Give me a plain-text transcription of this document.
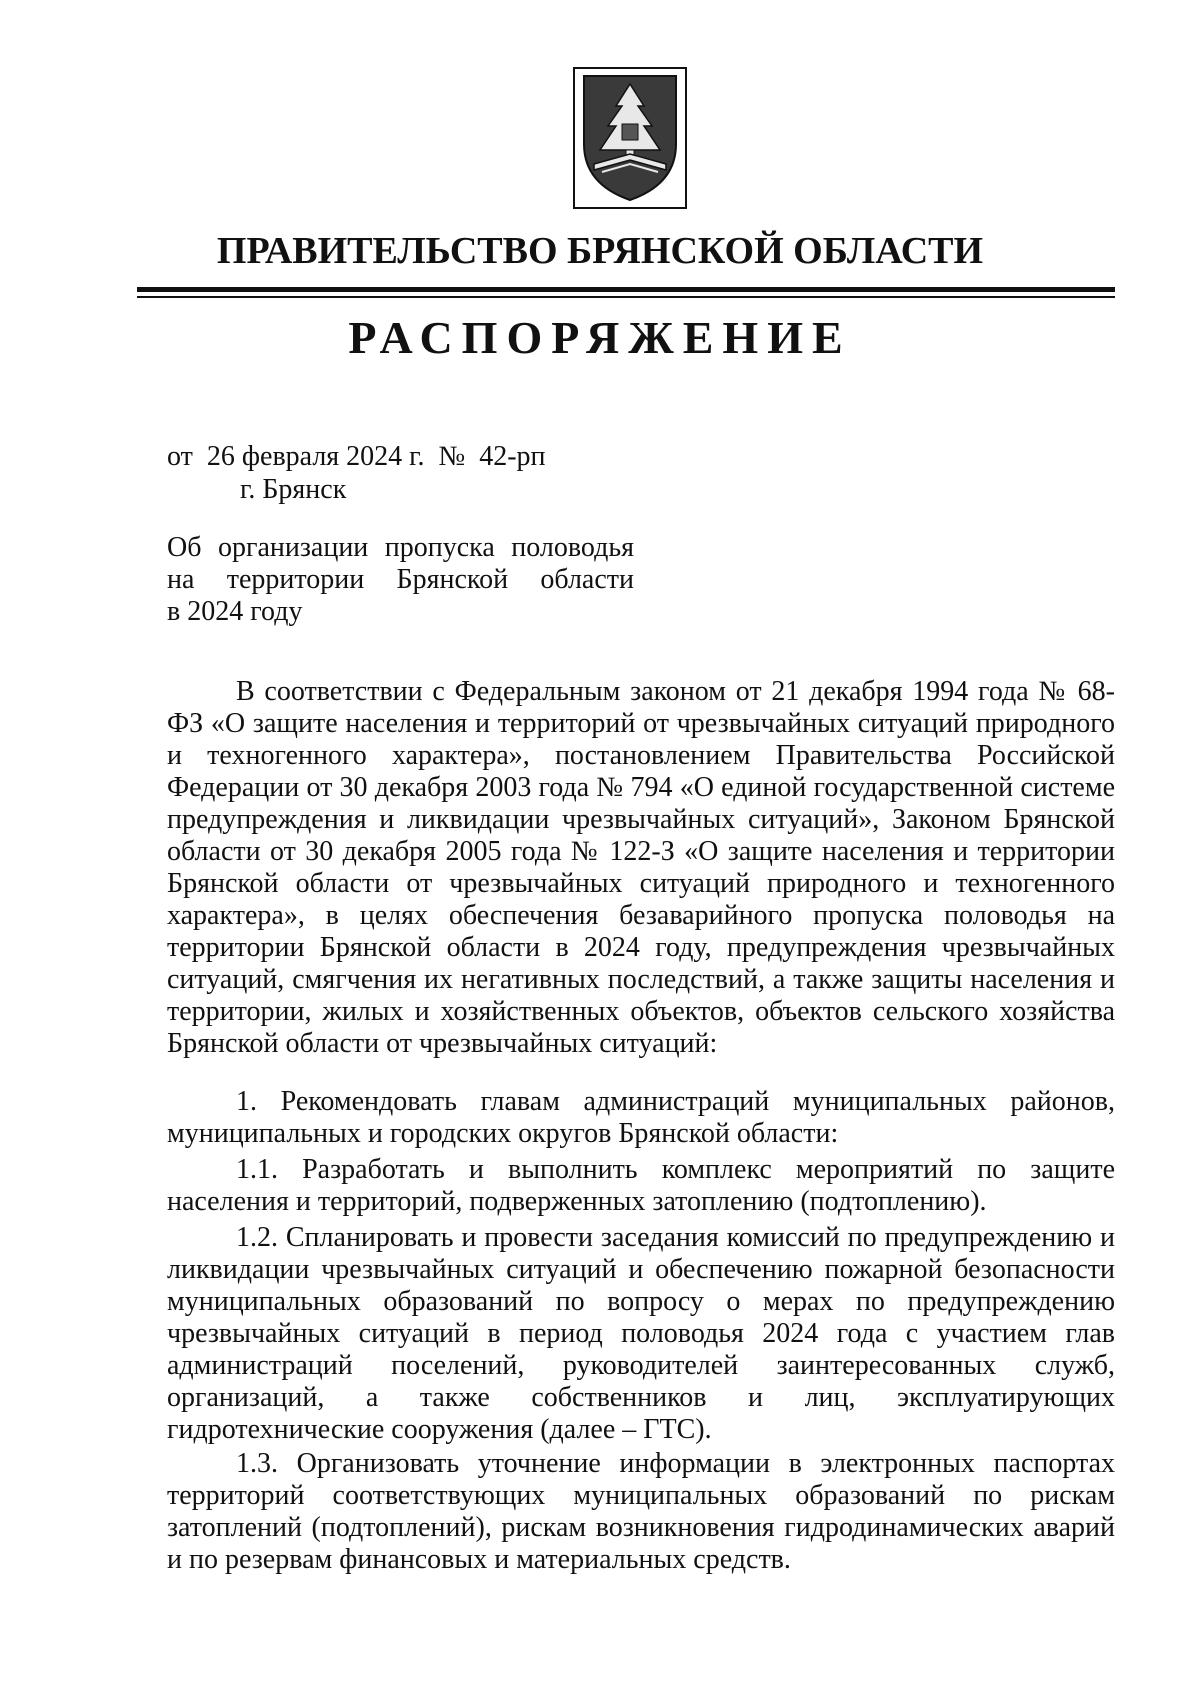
ПРАВИТЕЛЬСТВО БРЯНСКОЙ ОБЛАСТИ
РАСПОРЯЖЕНИЕ
от  26 февраля 2024 г.  №  42-рп
г. Брянск
Об организации пропуска половодья
на территории Брянской области
в 2024 году
В соответствии с Федеральным законом от 21 декабря 1994 года № 68-ФЗ «О защите населения и территорий от чрезвычайных ситуаций природного и техногенного характера», постановлением Правительства Российской Федерации от 30 декабря 2003 года № 794 «О единой государственной системе предупреждения и ликвидации чрезвычайных ситуаций», Законом Брянской области от 30 декабря 2005 года № 122-З «О защите населения и территории Брянской области от чрезвычайных ситуаций природного и техногенного характера», в целях обеспечения безаварийного пропуска половодья на территории Брянской области в 2024 году, предупреждения чрезвычайных ситуаций, смягчения их негативных последствий, а также защиты населения и территории, жилых и хозяйственных объектов, объектов сельского хозяйства Брянской области от чрезвычайных ситуаций:
1. Рекомендовать главам администраций муниципальных районов, муниципальных и городских округов Брянской области:
1.1. Разработать и выполнить комплекс мероприятий по защите населения и территорий, подверженных затоплению (подтоплению).
1.2. Спланировать и провести заседания комиссий по предупреждению и ликвидации чрезвычайных ситуаций и обеспечению пожарной безопасности муниципальных образований по вопросу о мерах по предупреждению чрезвычайных ситуаций в период половодья 2024 года с участием глав администраций поселений, руководителей заинтересованных служб, организаций, а также собственников и лиц, эксплуатирующих гидротехнические сооружения (далее – ГТС).
1.3. Организовать уточнение информации в электронных паспортах территорий соответствующих муниципальных образований по рискам затоплений (подтоплений), рискам возникновения гидродинамических аварий и по резервам финансовых и материальных средств.
